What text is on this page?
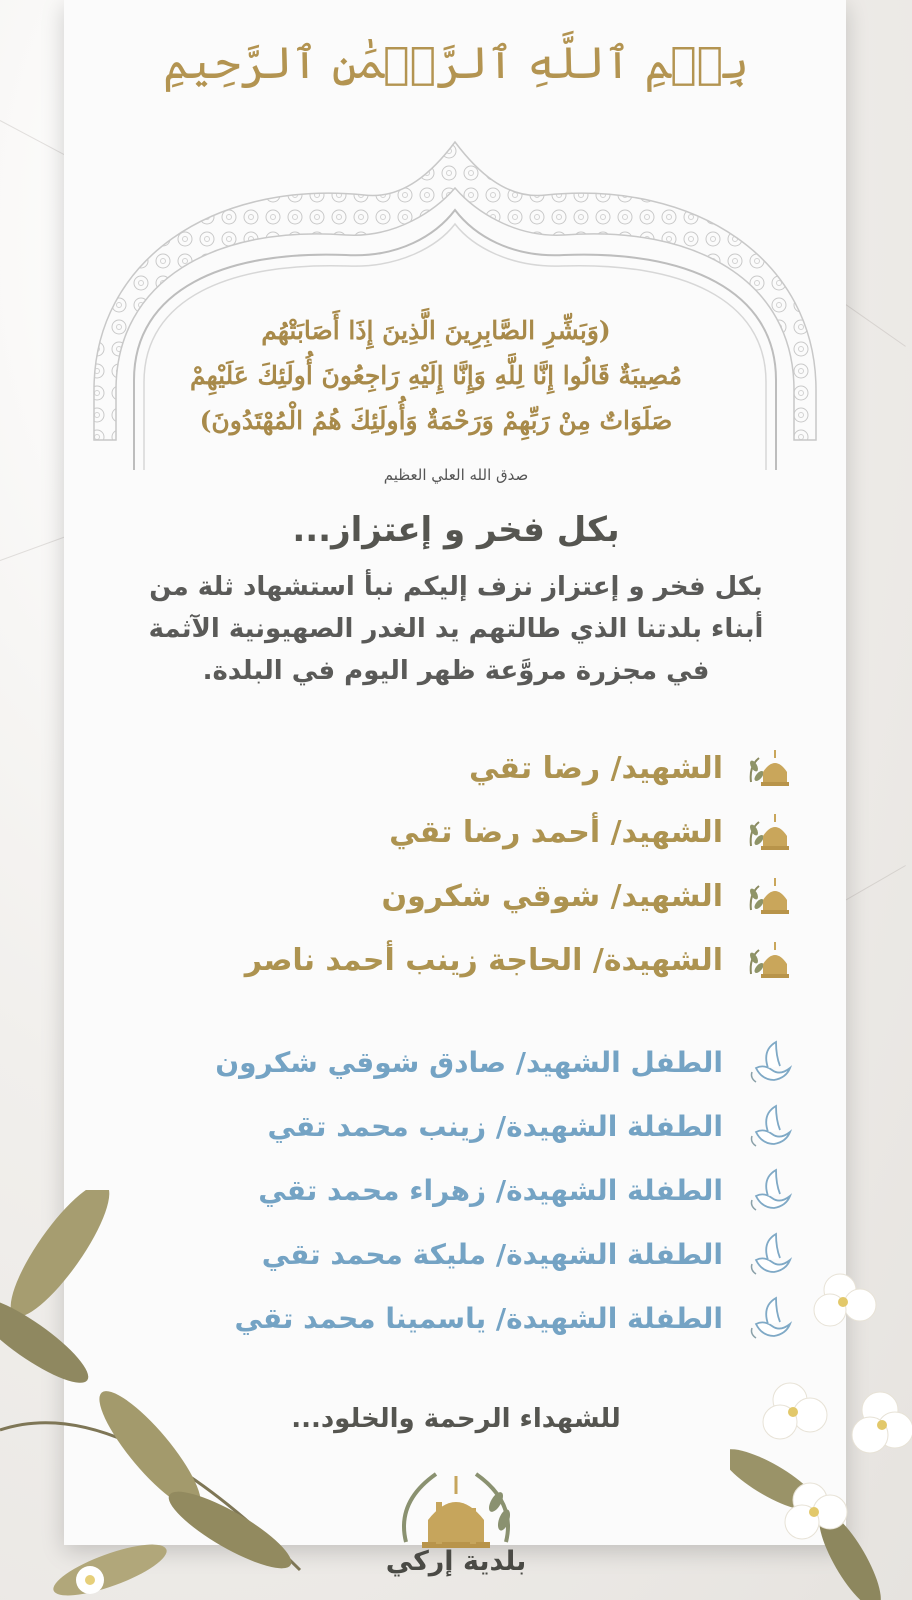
بِسۡمِ ٱللَّهِ ٱلرَّحۡمَٰنِ ٱلرَّحِيمِ
(وَبَشِّرِ الصَّابِرِينَ الَّذِينَ إِذَا أَصَابَتْهُم
مُصِيبَةٌ قَالُوا إِنَّا لِلَّهِ وَإِنَّا إِلَيْهِ رَاجِعُونَ أُولَئِكَ عَلَيْهِمْ
صَلَوَاتٌ مِنْ رَبِّهِمْ وَرَحْمَةٌ وَأُولَئِكَ هُمُ الْمُهْتَدُونَ)
صدق الله العلي العظيم
بكل فخر و إعتزاز...
بكل فخر و إعتزاز نزف إليكم نبأ استشهاد ثلة من
أبناء بلدتنا الذي طالتهم يد الغدر الصهيونية الآثمة
في مجزرة مروَّعة ظهر اليوم في البلدة.
الشهيد/ رضا تقي
الشهيد/ أحمد رضا تقي
الشهيد/ شوقي شكرون
الشهيدة/ الحاجة زينب أحمد ناصر
الطفل الشهيد/ صادق شوقي شكرون
الطفلة الشهيدة/ زينب محمد تقي
الطفلة الشهيدة/ زهراء محمد تقي
الطفلة الشهيدة/ مليكة محمد تقي
الطفلة الشهيدة/ ياسمينا محمد تقي
للشهداء الرحمة والخلود...
بلدية إركي
